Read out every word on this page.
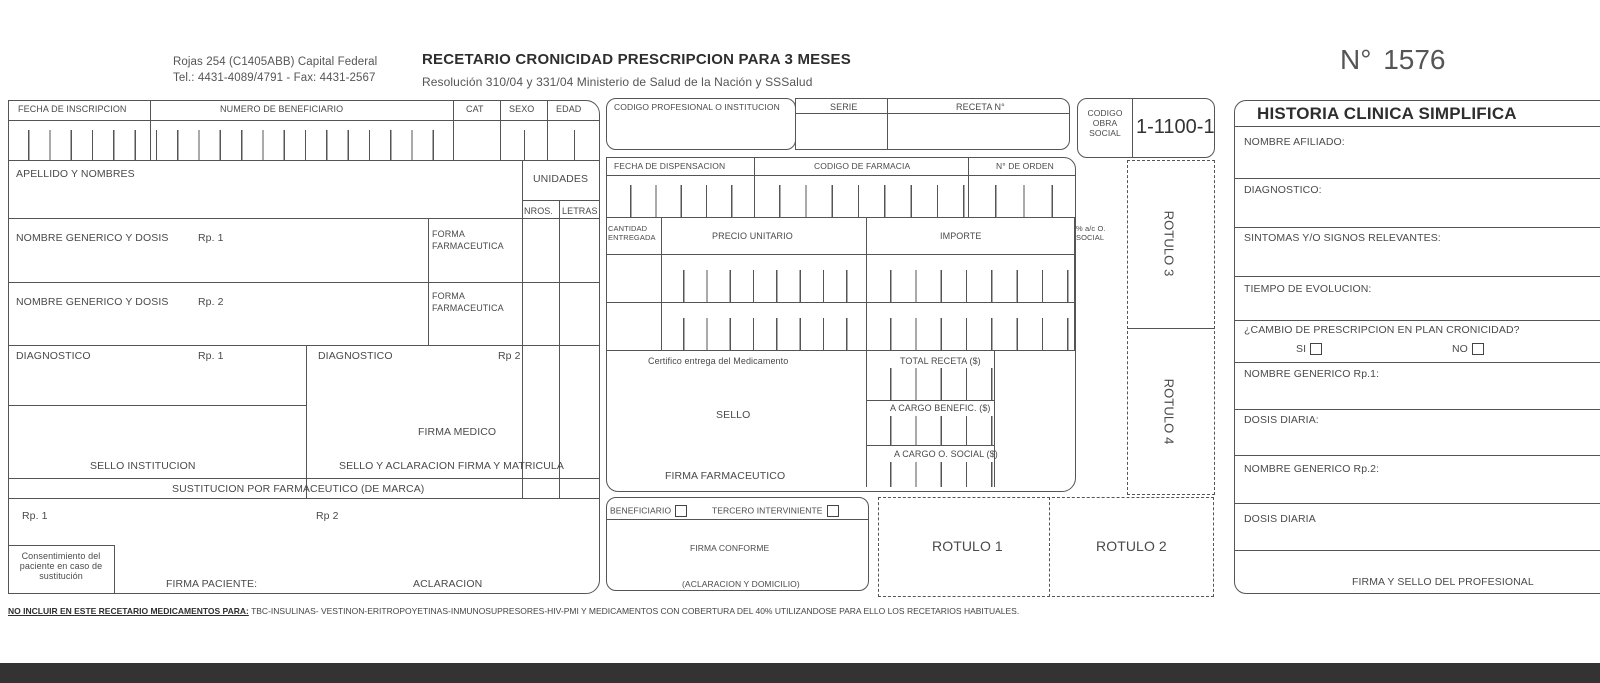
Rojas 254 (C1405ABB) Capital Federal
Tel.: 4431-4089/4791 - Fax: 4431-2567
RECETARIO CRONICIDAD PRESCRIPCION PARA 3 MESES
Resolución 310/04 y 331/04 Ministerio de Salud de la Nación y SSSalud
N° 1576
FECHA DE INSCRIPCION	NUMERO DE BENEFICIARIO	CAT	SEXO EDAD
APELLIDO Y NOMBRES	UNIDADES
NROS. LETRAS
NOMBRE GENERICO Y DOSIS	Rp. 1	FORMA FARMACEUTICA
NOMBRE GENERICO Y DOSIS	Rp. 2	FORMA FARMACEUTICA
DIAGNOSTICO	Rp. 1	DIAGNOSTICO	Rp 2
FIRMA MEDICO
SELLO INSTITUCION	SELLO Y ACLARACION FIRMA Y MATRICULA
SUSTITUCION POR FARMACEUTICO (DE MARCA)
Rp. 1	Rp 2
Consentimiento del paciente en caso de sustitución
FIRMA PACIENTE:	ACLARACION
CODIGO PROFESIONAL O INSTITUCION	SERIE	RECETA N°
CODIGO OBRA SOCIAL 1-1100-1
FECHA DE DISPENSACION	CODIGO DE FARMACIA	N° DE ORDEN
CANTIDAD ENTREGADA	PRECIO UNITARIO	IMPORTE
% a/c O. SOCIAL
Certifico entrega del Medicamento	TOTAL RECETA ($)
SELLO
A CARGO BENEFIC. ($)
A CARGO O. SOCIAL ($)
FIRMA FARMACEUTICO
BENEFICIARIO	TERCERO INTERVINIENTE
FIRMA CONFORME
(ACLARACION Y DOMICILIO)
ROTULO 1	ROTULO 2
ROTULO 3
ROTULO 4
HISTORIA CLINICA SIMPLIFICA
NOMBRE AFILIADO:
DIAGNOSTICO:
SINTOMAS Y/O SIGNOS RELEVANTES:
TIEMPO DE EVOLUCION:
¿CAMBIO DE PRESCRIPCION EN PLAN CRONICIDAD?
SI	NO
NOMBRE GENERICO Rp.1:
DOSIS DIARIA:
NOMBRE GENERICO Rp.2:
DOSIS DIARIA
FIRMA Y SELLO DEL PROFESIONAL
NO INCLUIR EN ESTE RECETARIO MEDICAMENTOS PARA: TBC-INSULINAS- VESTINON-ERITROPOYETINAS-INMUNOSUPRESORES-HIV-PMI Y MEDICAMENTOS CON COBERTURA DEL 40% UTILIZANDOSE PARA ELLO LOS RECETARIOS HABITUALES.
